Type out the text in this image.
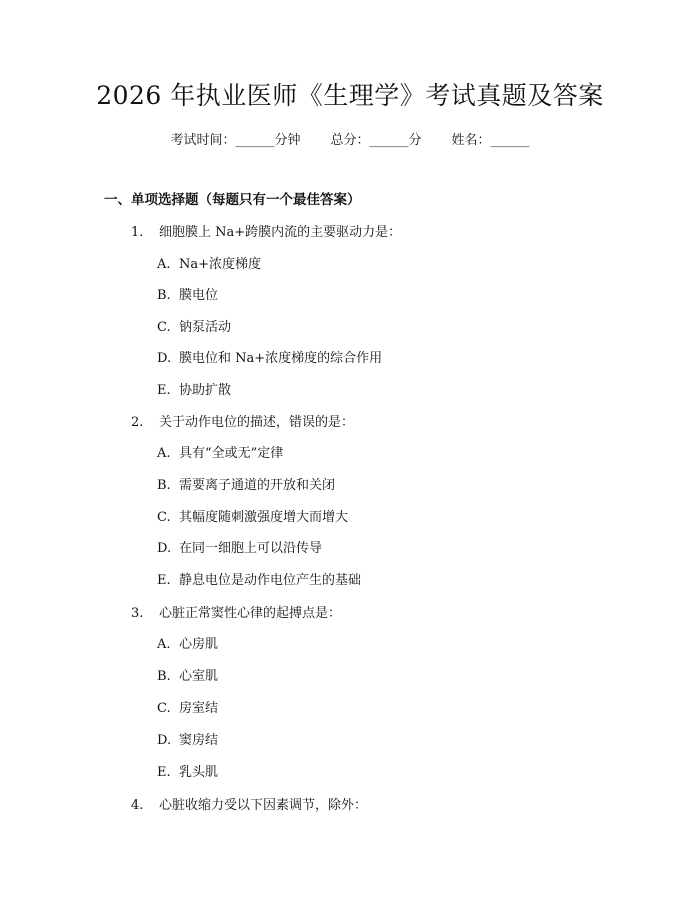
2026 年执业医师《生理学》考试真题及答案
考试时间：______分钟 总分：______分 姓名：______
一、单项选择题（每题只有一个最佳答案）
1. 细胞膜上 Na+跨膜内流的主要驱动力是：
A. Na+浓度梯度
B. 膜电位
C. 钠泵活动
D. 膜电位和 Na+浓度梯度的综合作用
E. 协助扩散
2. 关于动作电位的描述，错误的是：
A. 具有“全或无”定律
B. 需要离子通道的开放和关闭
C. 其幅度随刺激强度增大而增大
D. 在同一细胞上可以沿传导
E. 静息电位是动作电位产生的基础
3. 心脏正常窦性心律的起搏点是：
A. 心房肌
B. 心室肌
C. 房室结
D. 窦房结
E. 乳头肌
4. 心脏收缩力受以下因素调节，除外：
